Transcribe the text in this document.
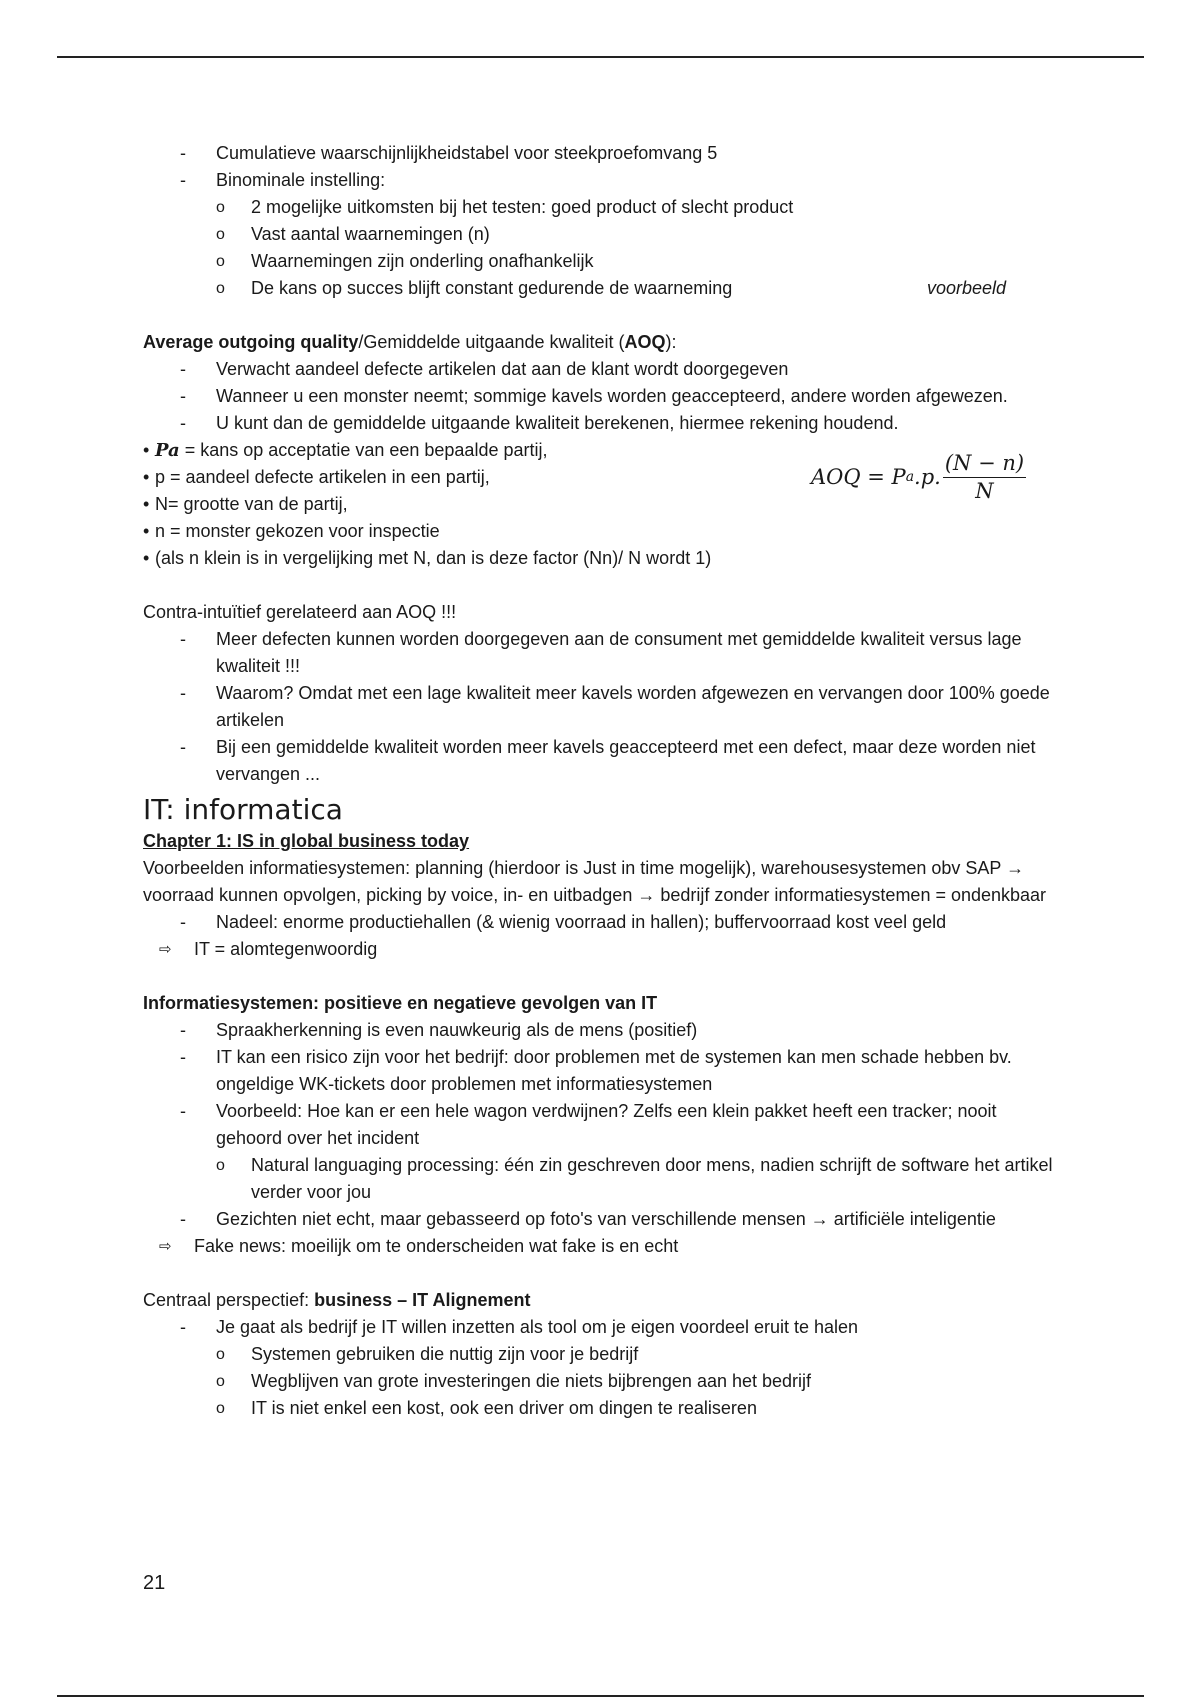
- Cumulatieve waarschijnlijkheidstabel voor steekproefomvang 5
- Binominale instelling:
o 2 mogelijke uitkomsten bij het testen: goed product of slecht product
o Vast aantal waarnemingen (n)
o Waarnemingen zijn onderling onafhankelijk
o De kans op succes blijft constant gedurende de waarneming	voorbeeld
Average outgoing quality/Gemiddelde uitgaande kwaliteit (AOQ):
- Verwacht aandeel defecte artikelen dat aan de klant wordt doorgegeven
- Wanneer u een monster neemt; sommige kavels worden geaccepteerd, andere worden afgewezen.
- U kunt dan de gemiddelde uitgaande kwaliteit berekenen, hiermee rekening houdend.
• Pa = kans op acceptatie van een bepaalde partij,
• p = aandeel defecte artikelen in een partij,	AOQ = P a .p. $\frac{(N - n)}{N}$
• N= grootte van de partij,
• n = monster gekozen voor inspectie
• (als n klein is in vergelijking met N, dan is deze factor (Nn)/ N wordt 1)
Contra-intuïtief gerelateerd aan AOQ !!!
- Meer defecten kunnen worden doorgegeven aan de consument met gemiddelde kwaliteit versus lage kwaliteit !!!
- Waarom? Omdat met een lage kwaliteit meer kavels worden afgewezen en vervangen door 100% goede artikelen
- Bij een gemiddelde kwaliteit worden meer kavels geaccepteerd met een defect, maar deze worden niet vervangen ...
IT: informatica
Chapter 1: IS in global business today
Voorbeelden informatiesystemen: planning (hierdoor is Just in time mogelijk), warehousesystemen obv SAP → voorraad kunnen opvolgen, picking by voice, in- en uitbadgen → bedrijf zonder informatiesystemen = ondenkbaar
- Nadeel: enorme productiehallen (& wienig voorraad in hallen); buffervoorraad kost veel geld
⇨ IT = alomtegenwoordig
Informatiesystemen: positieve en negatieve gevolgen van IT
- Spraakherkenning is even nauwkeurig als de mens (positief)
- IT kan een risico zijn voor het bedrijf: door problemen met de systemen kan men schade hebben bv. ongeldige WK-tickets door problemen met informatiesystemen
- Voorbeeld: Hoe kan er een hele wagon verdwijnen? Zelfs een klein pakket heeft een tracker; nooit gehoord over het incident
o Natural languaging processing: één zin geschreven door mens, nadien schrijft de software het artikel verder voor jou
- Gezichten niet echt, maar gebasseerd op foto's van verschillende mensen → artificiële inteligentie
⇨ Fake news: moeilijk om te onderscheiden wat fake is en echt
Centraal perspectief: business – IT Alignement
- Je gaat als bedrijf je IT willen inzetten als tool om je eigen voordeel eruit te halen
o Systemen gebruiken die nuttig zijn voor je bedrijf
o Wegblijven van grote investeringen die niets bijbrengen aan het bedrijf
o IT is niet enkel een kost, ook een driver om dingen te realiseren
21
